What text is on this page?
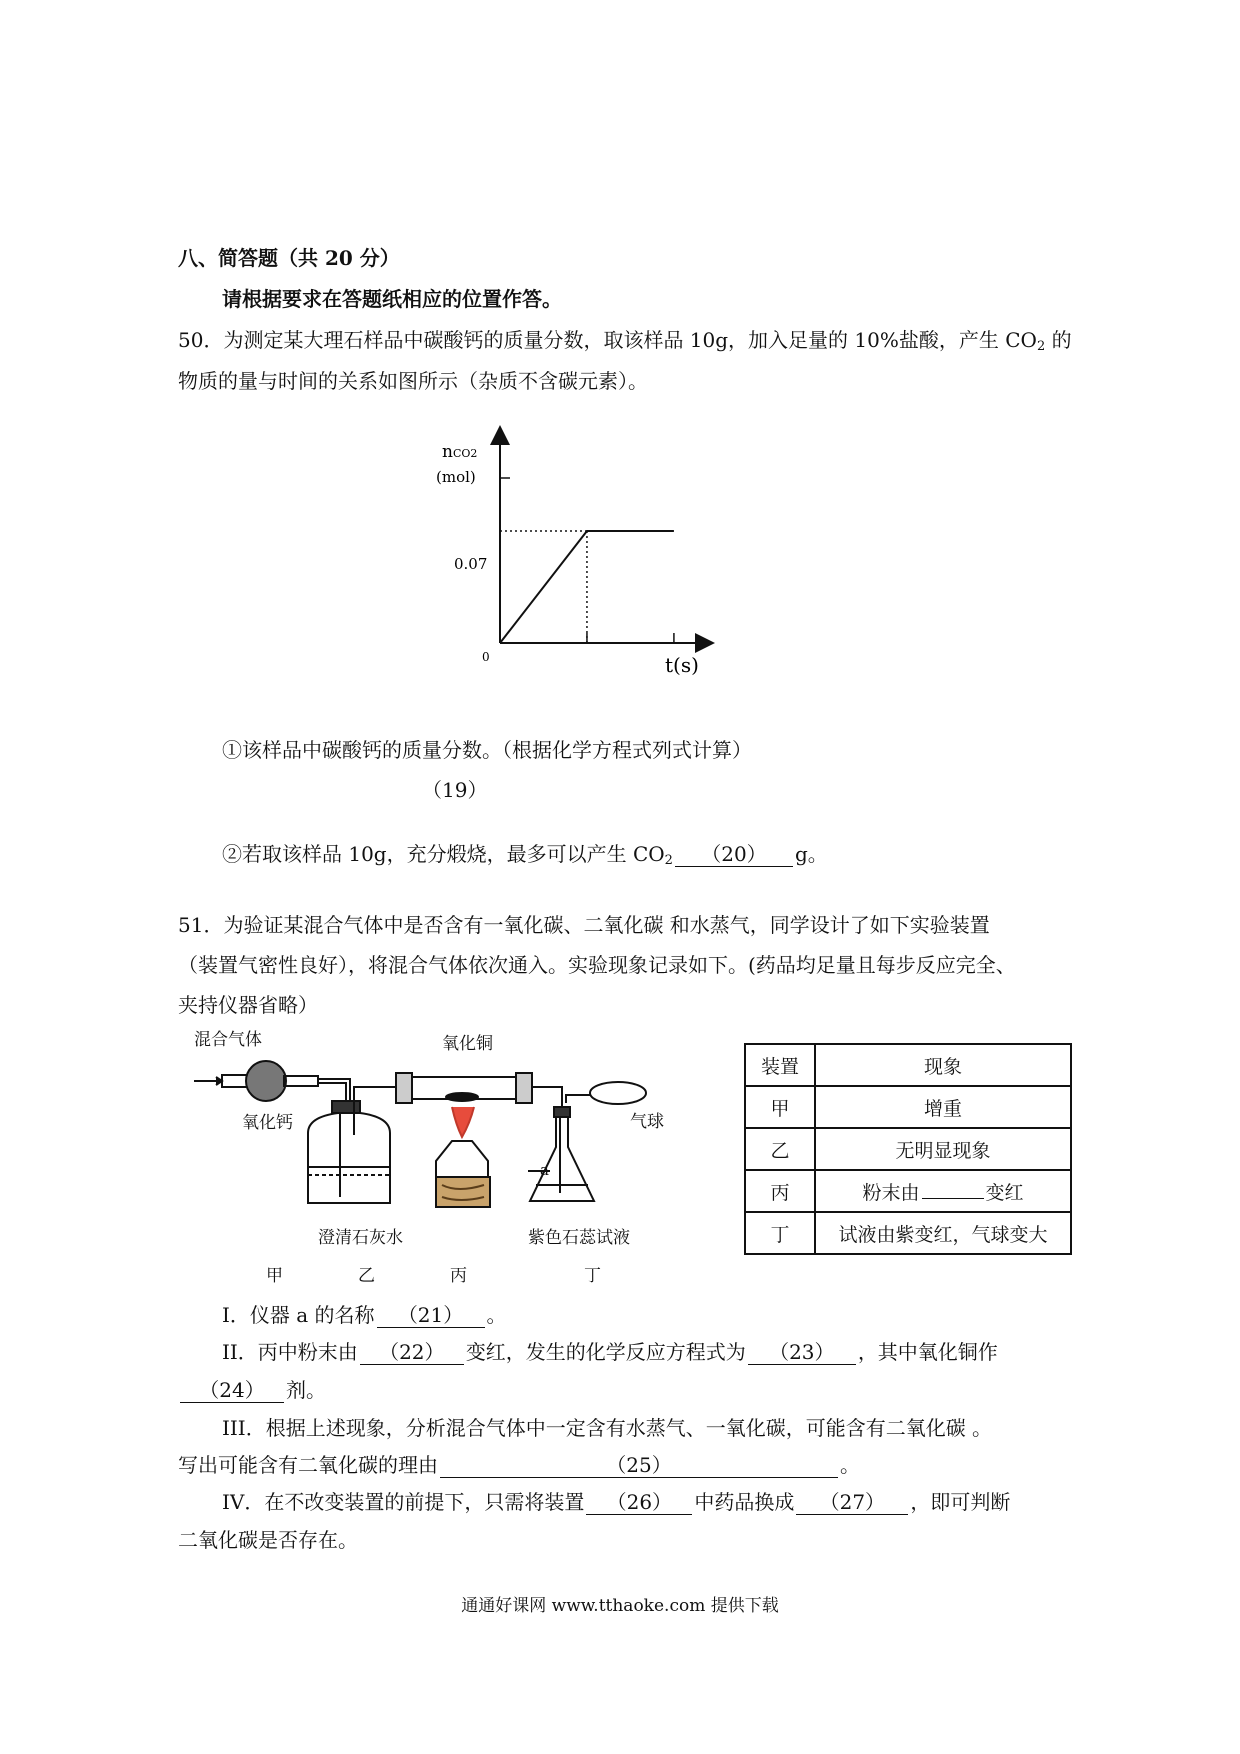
八、简答题（共 20 分）
请根据要求在答题纸相应的位置作答。
50．为测定某大理石样品中碳酸钙的质量分数，取该样品 10g，加入足量的 10%盐酸，产生 $CO_2$ 的
物质的量与时间的关系如图所示（杂质不含碳元素）。
nCO2
(mol)
0.07
0	t(s)
①该样品中碳酸钙的质量分数。（根据化学方程式列式计算）
（19）
②若取该样品 10g，充分煅烧，最多可以产生 $CO_2$ （20） g。
51．为验证某混合气体中是否含有一氧化碳、二氧化碳 和水蒸气，同学设计了如下实验装置
（装置气密性良好），将混合气体依次通入。实验现象记录如下。(药品均足量且每步反应完全、
夹持仪器省略）
混合气体	氧化铜
氧化钙	气球
澄清石灰水	紫色石蕊试液
a
甲	乙	丙	丁
装置	现象
甲	增重
乙	无明显现象
丙	粉末由 变红
丁	试液由紫变红，气球变大
I．仪器 a 的名称 （21） 。
II．丙中粉末由 （22） 变红，发生的化学反应方程式为 （23） ，其中氧化铜作
（24） 剂。
III．根据上述现象，分析混合气体中一定含有水蒸气、一氧化碳，可能含有二氧化碳 。
写出可能含有二氧化碳的理由	（25）	。
IV．在不改变装置的前提下，只需将装置 （26） 中药品换成 （27） ，即可判断
二氧化碳是否存在。
通通好课网 www.tthaoke.com 提供下载
